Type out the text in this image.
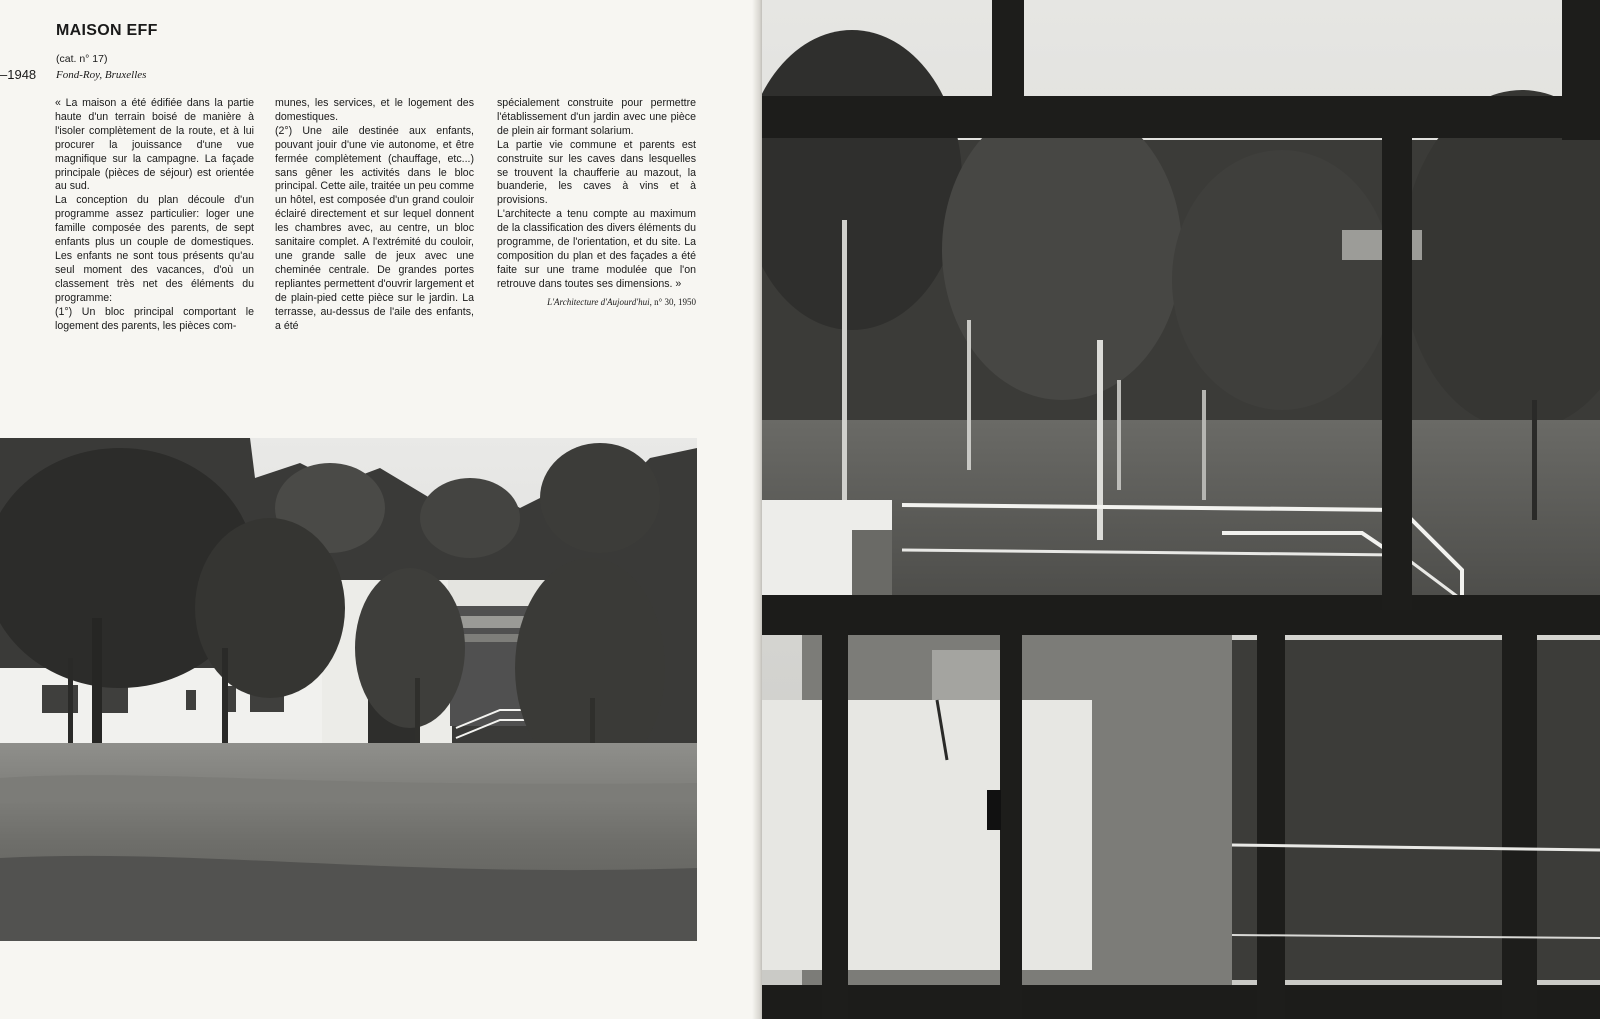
MAISON EFF
(cat. n° 17)
–1948 Fond-Roy, Bruxelles

« La maison a été édifiée dans la partie haute d'un terrain boisé de manière à l'isoler complètement de la route, et à lui procurer la jouissance d'une vue magnifique sur la campagne. La façade principale (pièces de séjour) est orientée au sud.

La conception du plan découle d'un programme assez particulier: loger une famille composée des parents, de sept enfants plus un couple de domestiques. Les enfants ne sont tous présents qu'au seul moment des vacances, d'où un classement très net des éléments du programme:

(1°) Un bloc principal comportant le logement des parents, les pièces com-

munes, les services, et le logement des domestiques.

(2°) Une aile destinée aux enfants, pouvant jouir d'une vie autonome, et être fermée complètement (chauffage, etc...) sans gêner les activités dans le bloc principal. Cette aile, traitée un peu comme un hôtel, est composée d'un grand couloir éclairé directement et sur lequel donnent les chambres avec, au centre, un bloc sanitaire complet. A l'extrémité du couloir, une grande salle de jeux avec une cheminée centrale. De grandes portes repliantes permettent d'ouvrir largement et de plain-pied cette pièce sur le jardin. La terrasse, au-dessus de l'aile des enfants, a été

spécialement construite pour permettre l'établissement d'un jardin avec une pièce de plein air formant solarium.

La partie vie commune et parents est construite sur les caves dans lesquelles se trouvent la chaufferie au mazout, la buanderie, les caves à vins et à provisions.

L'architecte a tenu compte au maximum de la classification des divers éléments du programme, de l'orientation, et du site. La composition du plan et des façades a été faite sur une trame modulée que l'on retrouve dans toutes ses dimensions. »

L'Architecture d'Aujourd'hui, n° 30, 1950
